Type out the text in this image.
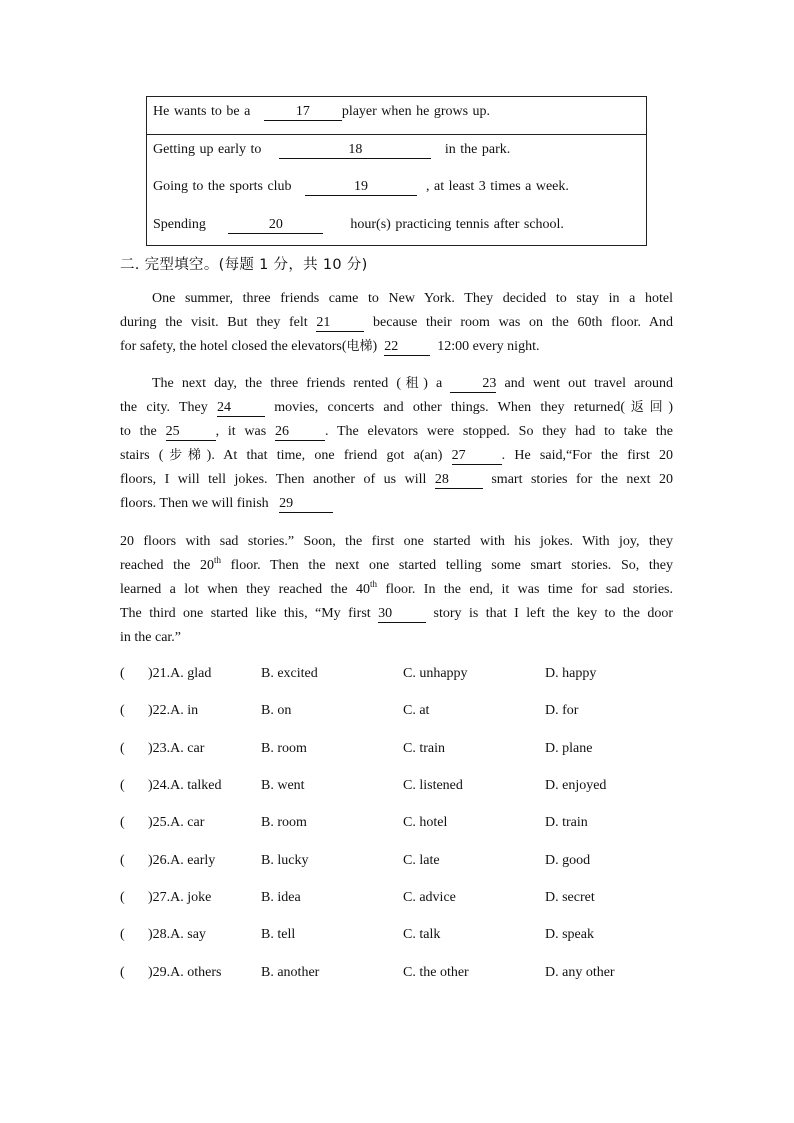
He wants to be a	17 player when he grows up.
Getting up early to	18	in the park.
Going to the sports club	19	, at least 3 times a week.
Spending	20	hour(s) practicing tennis after school.
二. 完型填空。(每题 1 分，共 10 分)
One summer, three friends came to New York. They decided to stay in a hotel
during the visit. But they felt 21	because their room was on the 60th floor. And
for safety, the hotel closed the elevators(电梯) 22	12:00 every night.
The next day, the three friends rented (租) a	23 and went out travel around
the city. They 24	movies, concerts and other things. When they returned(返回)
to the 25	, it was 26	. The elevators were stopped. So they had to take the
stairs (步梯). At that time, one friend got a(an) 27	. He said,“For the first 20
floors, I will tell jokes. Then another of us will 28	smart stories for the next 20
floors. Then we will finish 29
20 floors with sad stories.” Soon, the first one started with his jokes. With joy, they
reached the 20th floor. Then the next one started telling some smart stories. So, they
learned a lot when they reached the 40th floor. In the end, it was time for sad stories.
The third one started like this, “My first 30	story is that I left the key to the door
in the car.”
( )21.A. glad	B. excited	C. unhappy	D. happy
( )22.A. in	B. on	C. at	D. for
( )23.A. car	B. room	C. train	D. plane
( )24.A. talked	B. went	C. listened	D. enjoyed
( )25.A. car	B. room	C. hotel	D. train
( )26.A. early	B. lucky	C. late	D. good
( )27.A. joke	B. idea	C. advice	D. secret
( )28.A. say	B. tell	C. talk	D. speak
( )29.A. others	B. another	C. the other	D. any other
